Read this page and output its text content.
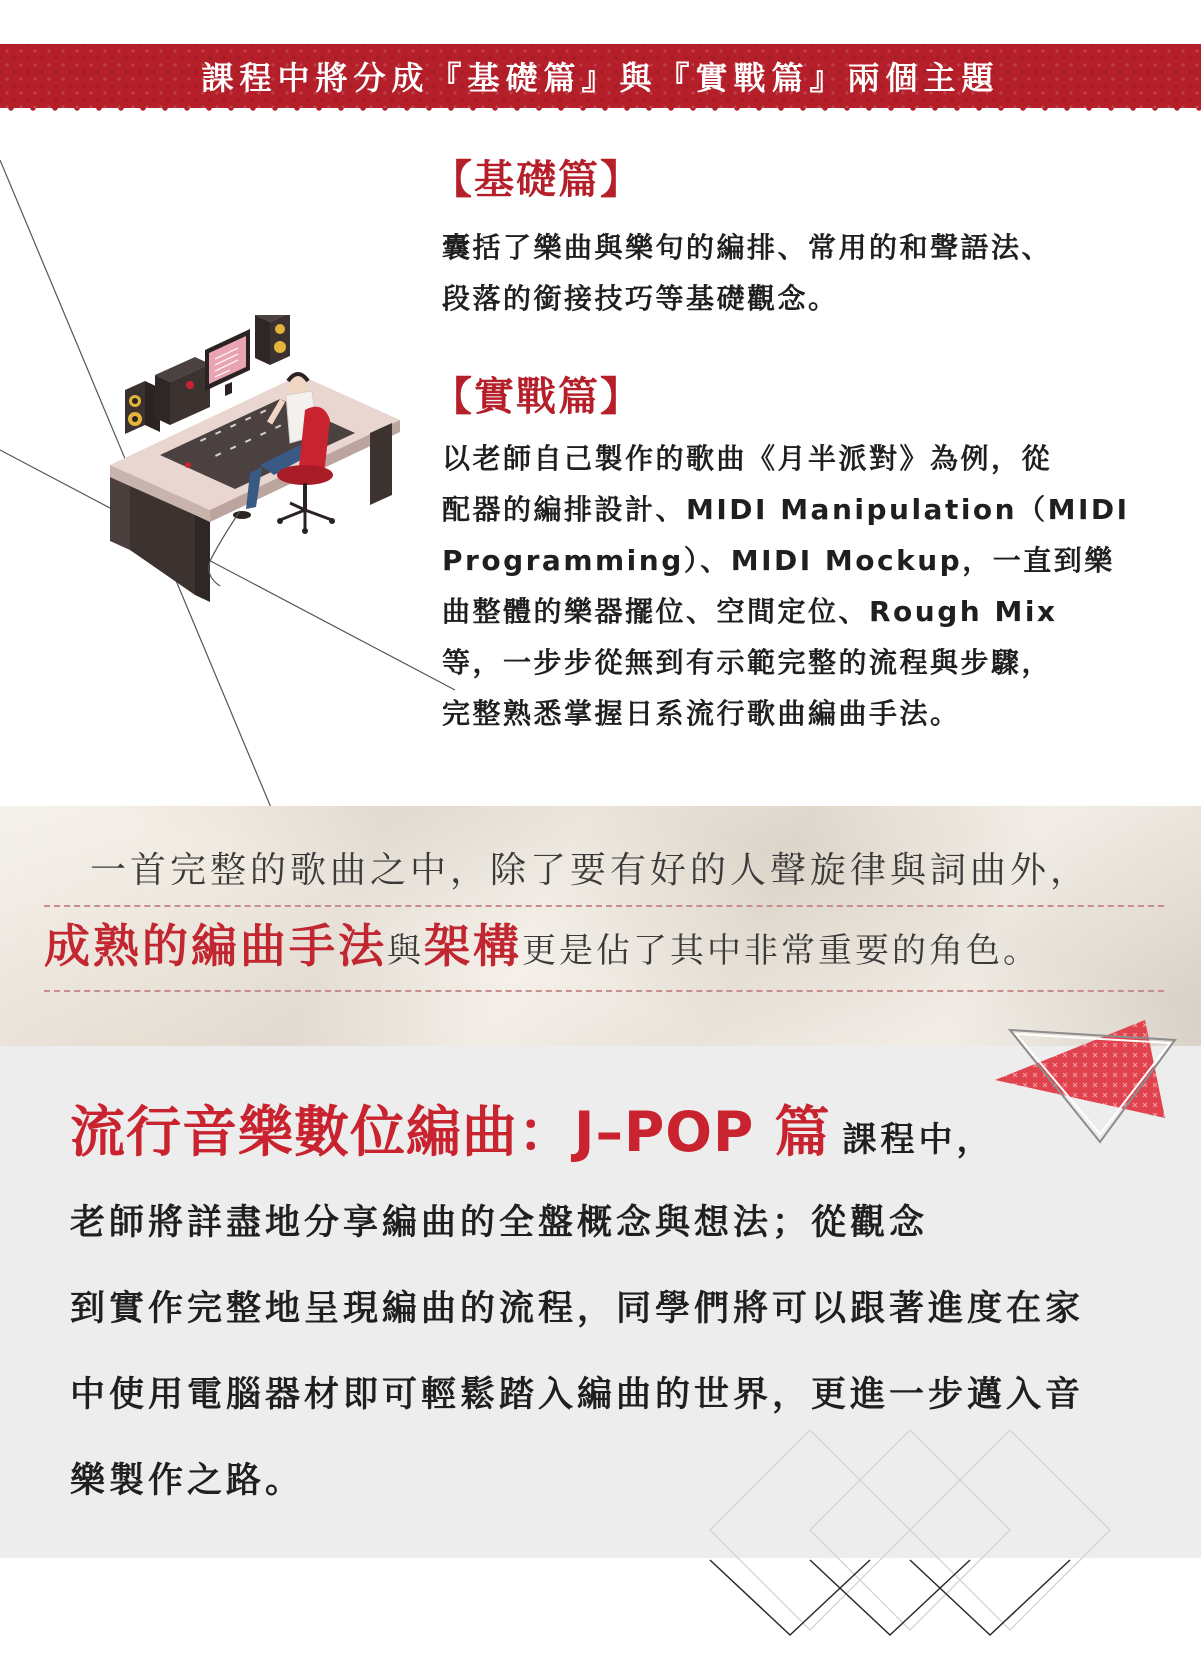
課程中將分成『基礎篇』與『實戰篇』兩個主題
【基礎篇】
囊括了樂曲與樂句的編排、常用的和聲語法、
段落的銜接技巧等基礎觀念。
【實戰篇】
以老師自己製作的歌曲《月半派對》為例，從
配器的編排設計、MIDI Manipulation（MIDI
Programming）、MIDI Mockup，一直到樂
曲整體的樂器擺位、空間定位、Rough Mix
等，一步步從無到有示範完整的流程與步驟，
完整熟悉掌握日系流行歌曲編曲手法。
一首完整的歌曲之中，除了要有好的人聲旋律與詞曲外，
成熟的編曲手法與架構更是佔了其中非常重要的角色。
流行音樂數位編曲：J–POP 篇 課程中，
老師將詳盡地分享編曲的全盤概念與想法；從觀念
到實作完整地呈現編曲的流程，同學們將可以跟著進度在家
中使用電腦器材即可輕鬆踏入編曲的世界，更進一步邁入音
樂製作之路。
